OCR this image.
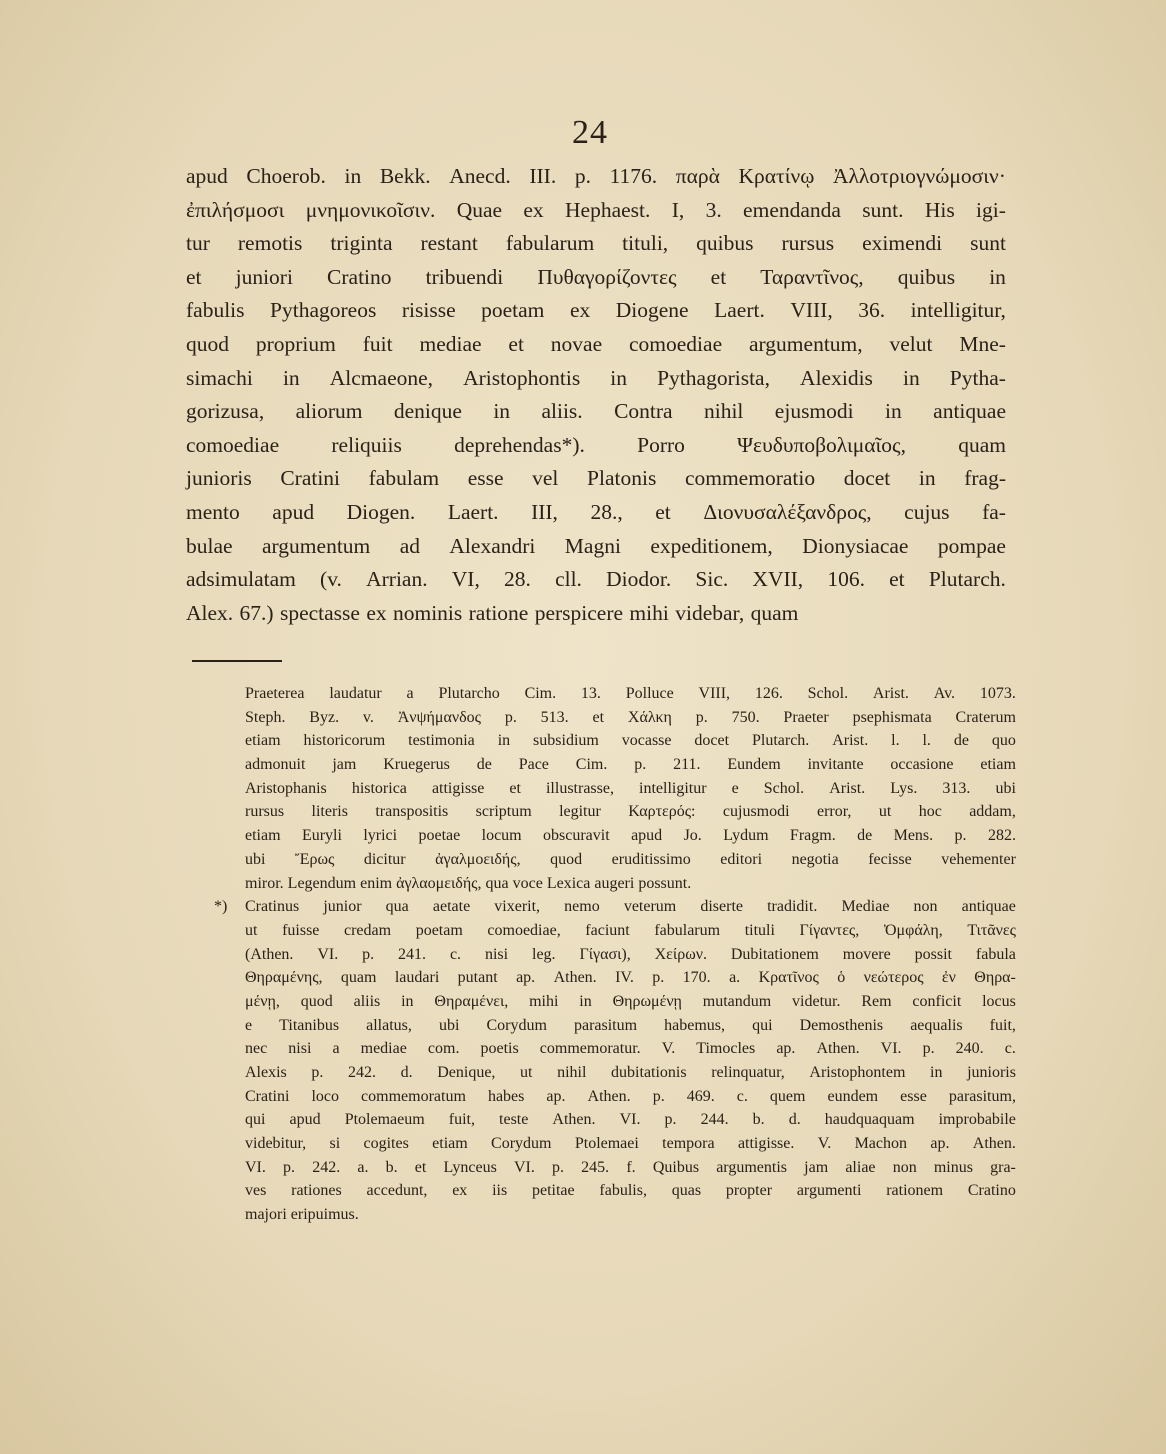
24
apud Choerob. in Bekk. Anecd. III. p. 1176. παρὰ Κρατίνῳ Ἀλλοτριογνώμοσιν·
ἐπιλήσμοσι μνημονικοῖσιν. Quae ex Hephaest. I, 3. emendanda sunt. His igi-
tur remotis triginta restant fabularum tituli, quibus rursus eximendi sunt
et juniori Cratino tribuendi Πυθαγορίζοντες et Ταραντῖνος, quibus in
fabulis Pythagoreos risisse poetam ex Diogene Laert. VIII, 36. intelligitur,
quod proprium fuit mediae et novae comoediae argumentum, velut Mne-
simachi in Alcmaeone, Aristophontis in Pythagorista, Alexidis in Pytha-
gorizusa, aliorum denique in aliis. Contra nihil ejusmodi in antiquae
comoediae reliquiis deprehendas*). Porro Ψευδυποβολιμαῖος, quam
junioris Cratini fabulam esse vel Platonis commemoratio docet in frag-
mento apud Diogen. Laert. III, 28., et Διονυσαλέξανδρος, cujus fa-
bulae argumentum ad Alexandri Magni expeditionem, Dionysiacae pompae
adsimulatam (v. Arrian. VI, 28. cll. Diodor. Sic. XVII, 106. et Plutarch.
Alex. 67.) spectasse ex nominis ratione perspicere mihi videbar, quam
Praeterea laudatur a Plutarcho Cim. 13. Polluce VIII, 126. Schol. Arist. Av. 1073.
Steph. Byz. v. Ἀνψήμανδος p. 513. et Χάλκη p. 750. Praeter psephismata Craterum
etiam historicorum testimonia in subsidium vocasse docet Plutarch. Arist. l. l. de quo
admonuit jam Kruegerus de Pace Cim. p. 211. Eundem invitante occasione etiam
Aristophanis historica attigisse et illustrasse, intelligitur e Schol. Arist. Lys. 313. ubi
rursus literis transpositis scriptum legitur Καρτερός: cujusmodi error, ut hoc addam,
etiam Euryli lyrici poetae locum obscuravit apud Jo. Lydum Fragm. de Mens. p. 282.
ubi Ἔρως dicitur ἀγαλμοειδής, quod eruditissimo editori negotia fecisse vehementer
miror. Legendum enim ἀγλαομειδής, qua voce Lexica augeri possunt.
*) Cratinus junior qua aetate vixerit, nemo veterum diserte tradidit. Mediae non antiquae
ut fuisse credam poetam comoediae, faciunt fabularum tituli Γίγαντες, Ὀμφάλη, Τιτᾶνες
(Athen. VI. p. 241. c. nisi leg. Γίγασι), Χείρων. Dubitationem movere possit fabula
Θηραμένης, quam laudari putant ap. Athen. IV. p. 170. a. Κρατῖνος ὁ νεώτερος ἐν Θηρα-
μένῃ, quod aliis in Θηραμένει, mihi in Θηρωμένῃ mutandum videtur. Rem conficit locus
e Titanibus allatus, ubi Corydum parasitum habemus, qui Demosthenis aequalis fuit,
nec nisi a mediae com. poetis commemoratur. V. Timocles ap. Athen. VI. p. 240. c.
Alexis p. 242. d. Denique, ut nihil dubitationis relinquatur, Aristophontem in junioris
Cratini loco commemoratum habes ap. Athen. p. 469. c. quem eundem esse parasitum,
qui apud Ptolemaeum fuit, teste Athen. VI. p. 244. b. d. haudquaquam improbabile
videbitur, si cogites etiam Corydum Ptolemaei tempora attigisse. V. Machon ap. Athen.
VI. p. 242. a. b. et Lynceus VI. p. 245. f. Quibus argumentis jam aliae non minus gra-
ves rationes accedunt, ex iis petitae fabulis, quas propter argumenti rationem Cratino
majori eripuimus.
